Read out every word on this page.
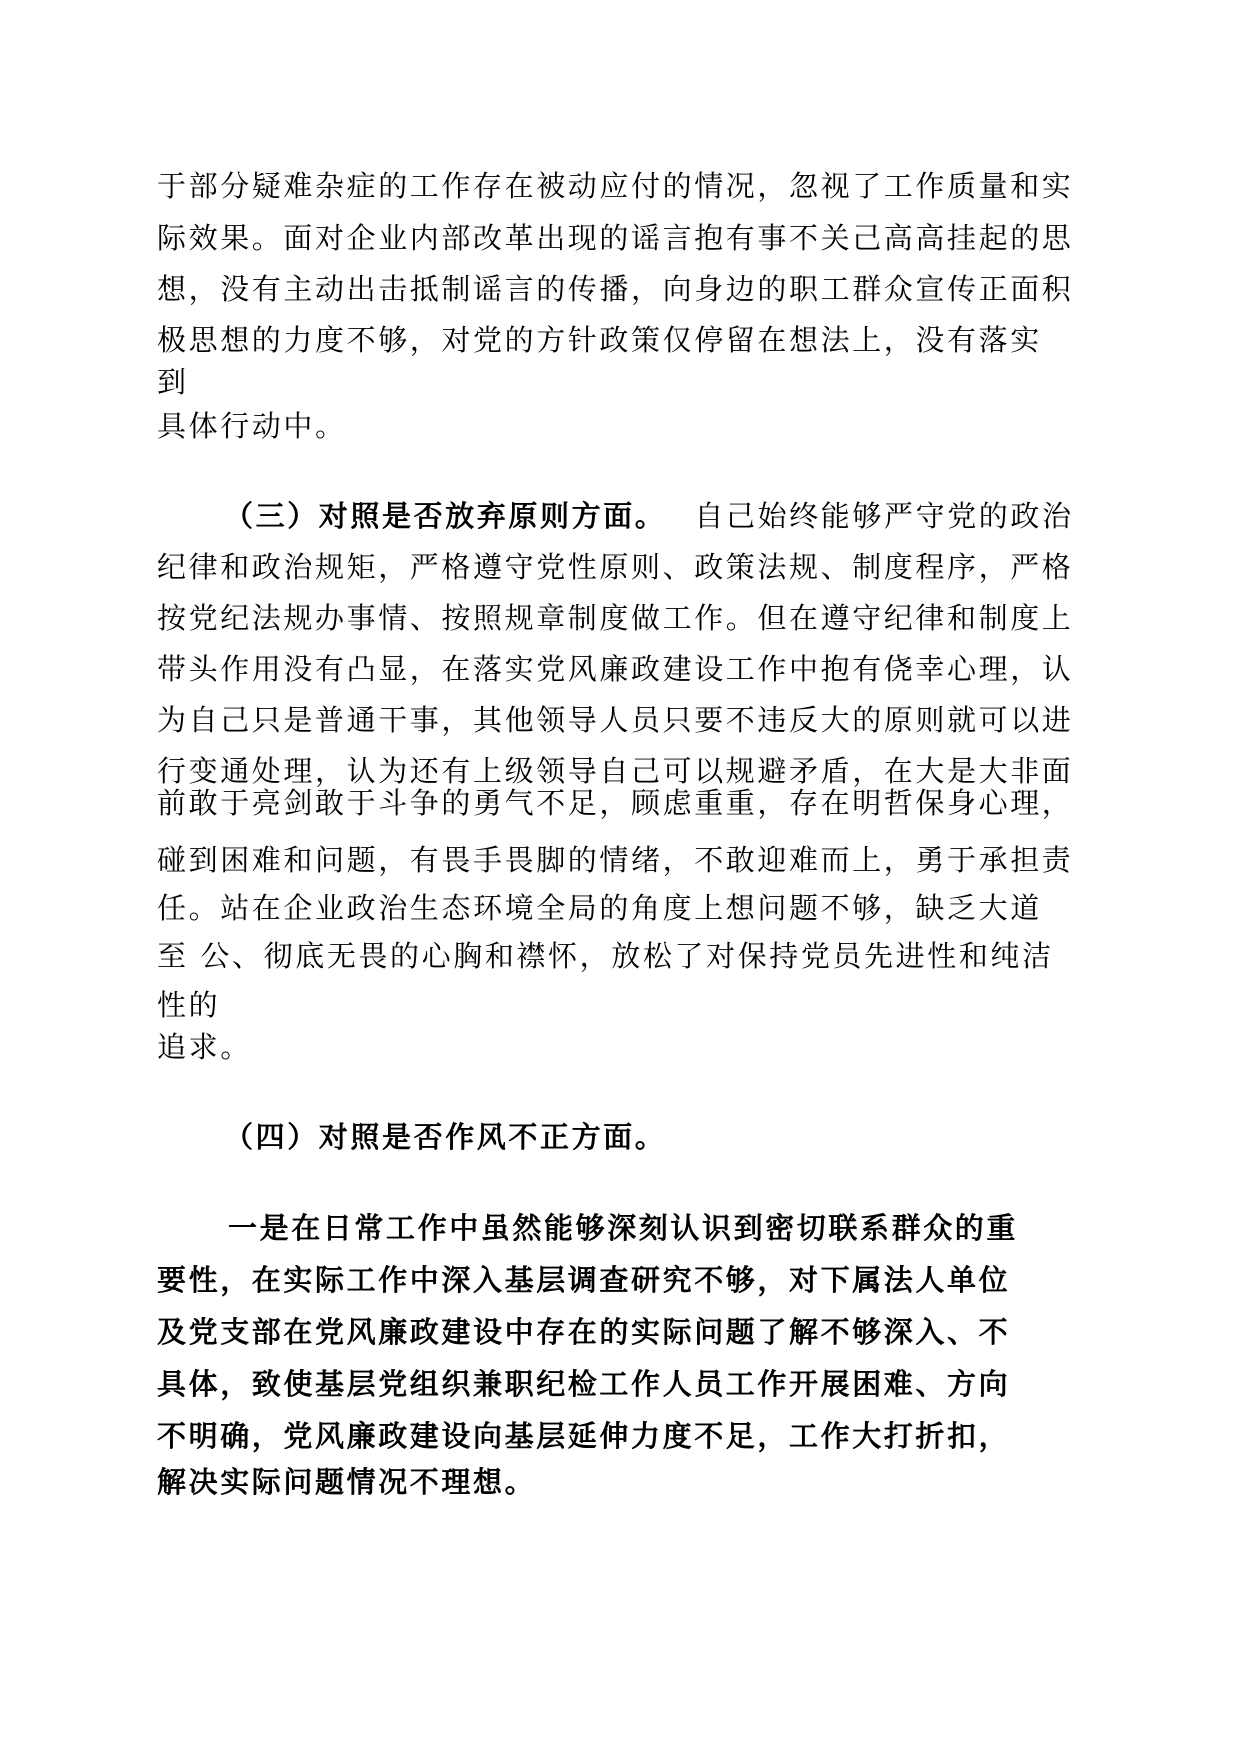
于部分疑难杂症的工作存在被动应付的情况，忽视了工作质量和实
际效果。面对企业内部改革出现的谣言抱有事不关己高高挂起的思
想，没有主动出击抵制谣言的传播，向身边的职工群众宣传正面积
极思想的力度不够，对党的方针政策仅停留在想法上，没有落实
到
具体行动中。
（三）对照是否放弃原则方面。 自己始终能够严守党的政治
纪律和政治规矩，严格遵守党性原则、政策法规、制度程序，严格
按党纪法规办事情、按照规章制度做工作。但在遵守纪律和制度上
带头作用没有凸显，在落实党风廉政建设工作中抱有侥幸心理，认
为自己只是普通干事，其他领导人员只要不违反大的原则就可以进
行变通处理，认为还有上级领导自己可以规避矛盾，在大是大非面
前敢于亮剑敢于斗争的勇气不足，顾虑重重，存在明哲保身心理，
碰到困难和问题，有畏手畏脚的情绪，不敢迎难而上，勇于承担责
任。站在企业政治生态环境全局的角度上想问题不够，缺乏大道
至 公、彻底无畏的心胸和襟怀，放松了对保持党员先进性和纯洁
性的
追求。
（四）对照是否作风不正方面。
一是在日常工作中虽然能够深刻认识到密切联系群众的重
要性，在实际工作中深入基层调查研究不够，对下属法人单位
及党支部在党风廉政建设中存在的实际问题了解不够深入、不
具体，致使基层党组织兼职纪检工作人员工作开展困难、方向
不明确，党风廉政建设向基层延伸力度不足，工作大打折扣，
解决实际问题情况不理想。
